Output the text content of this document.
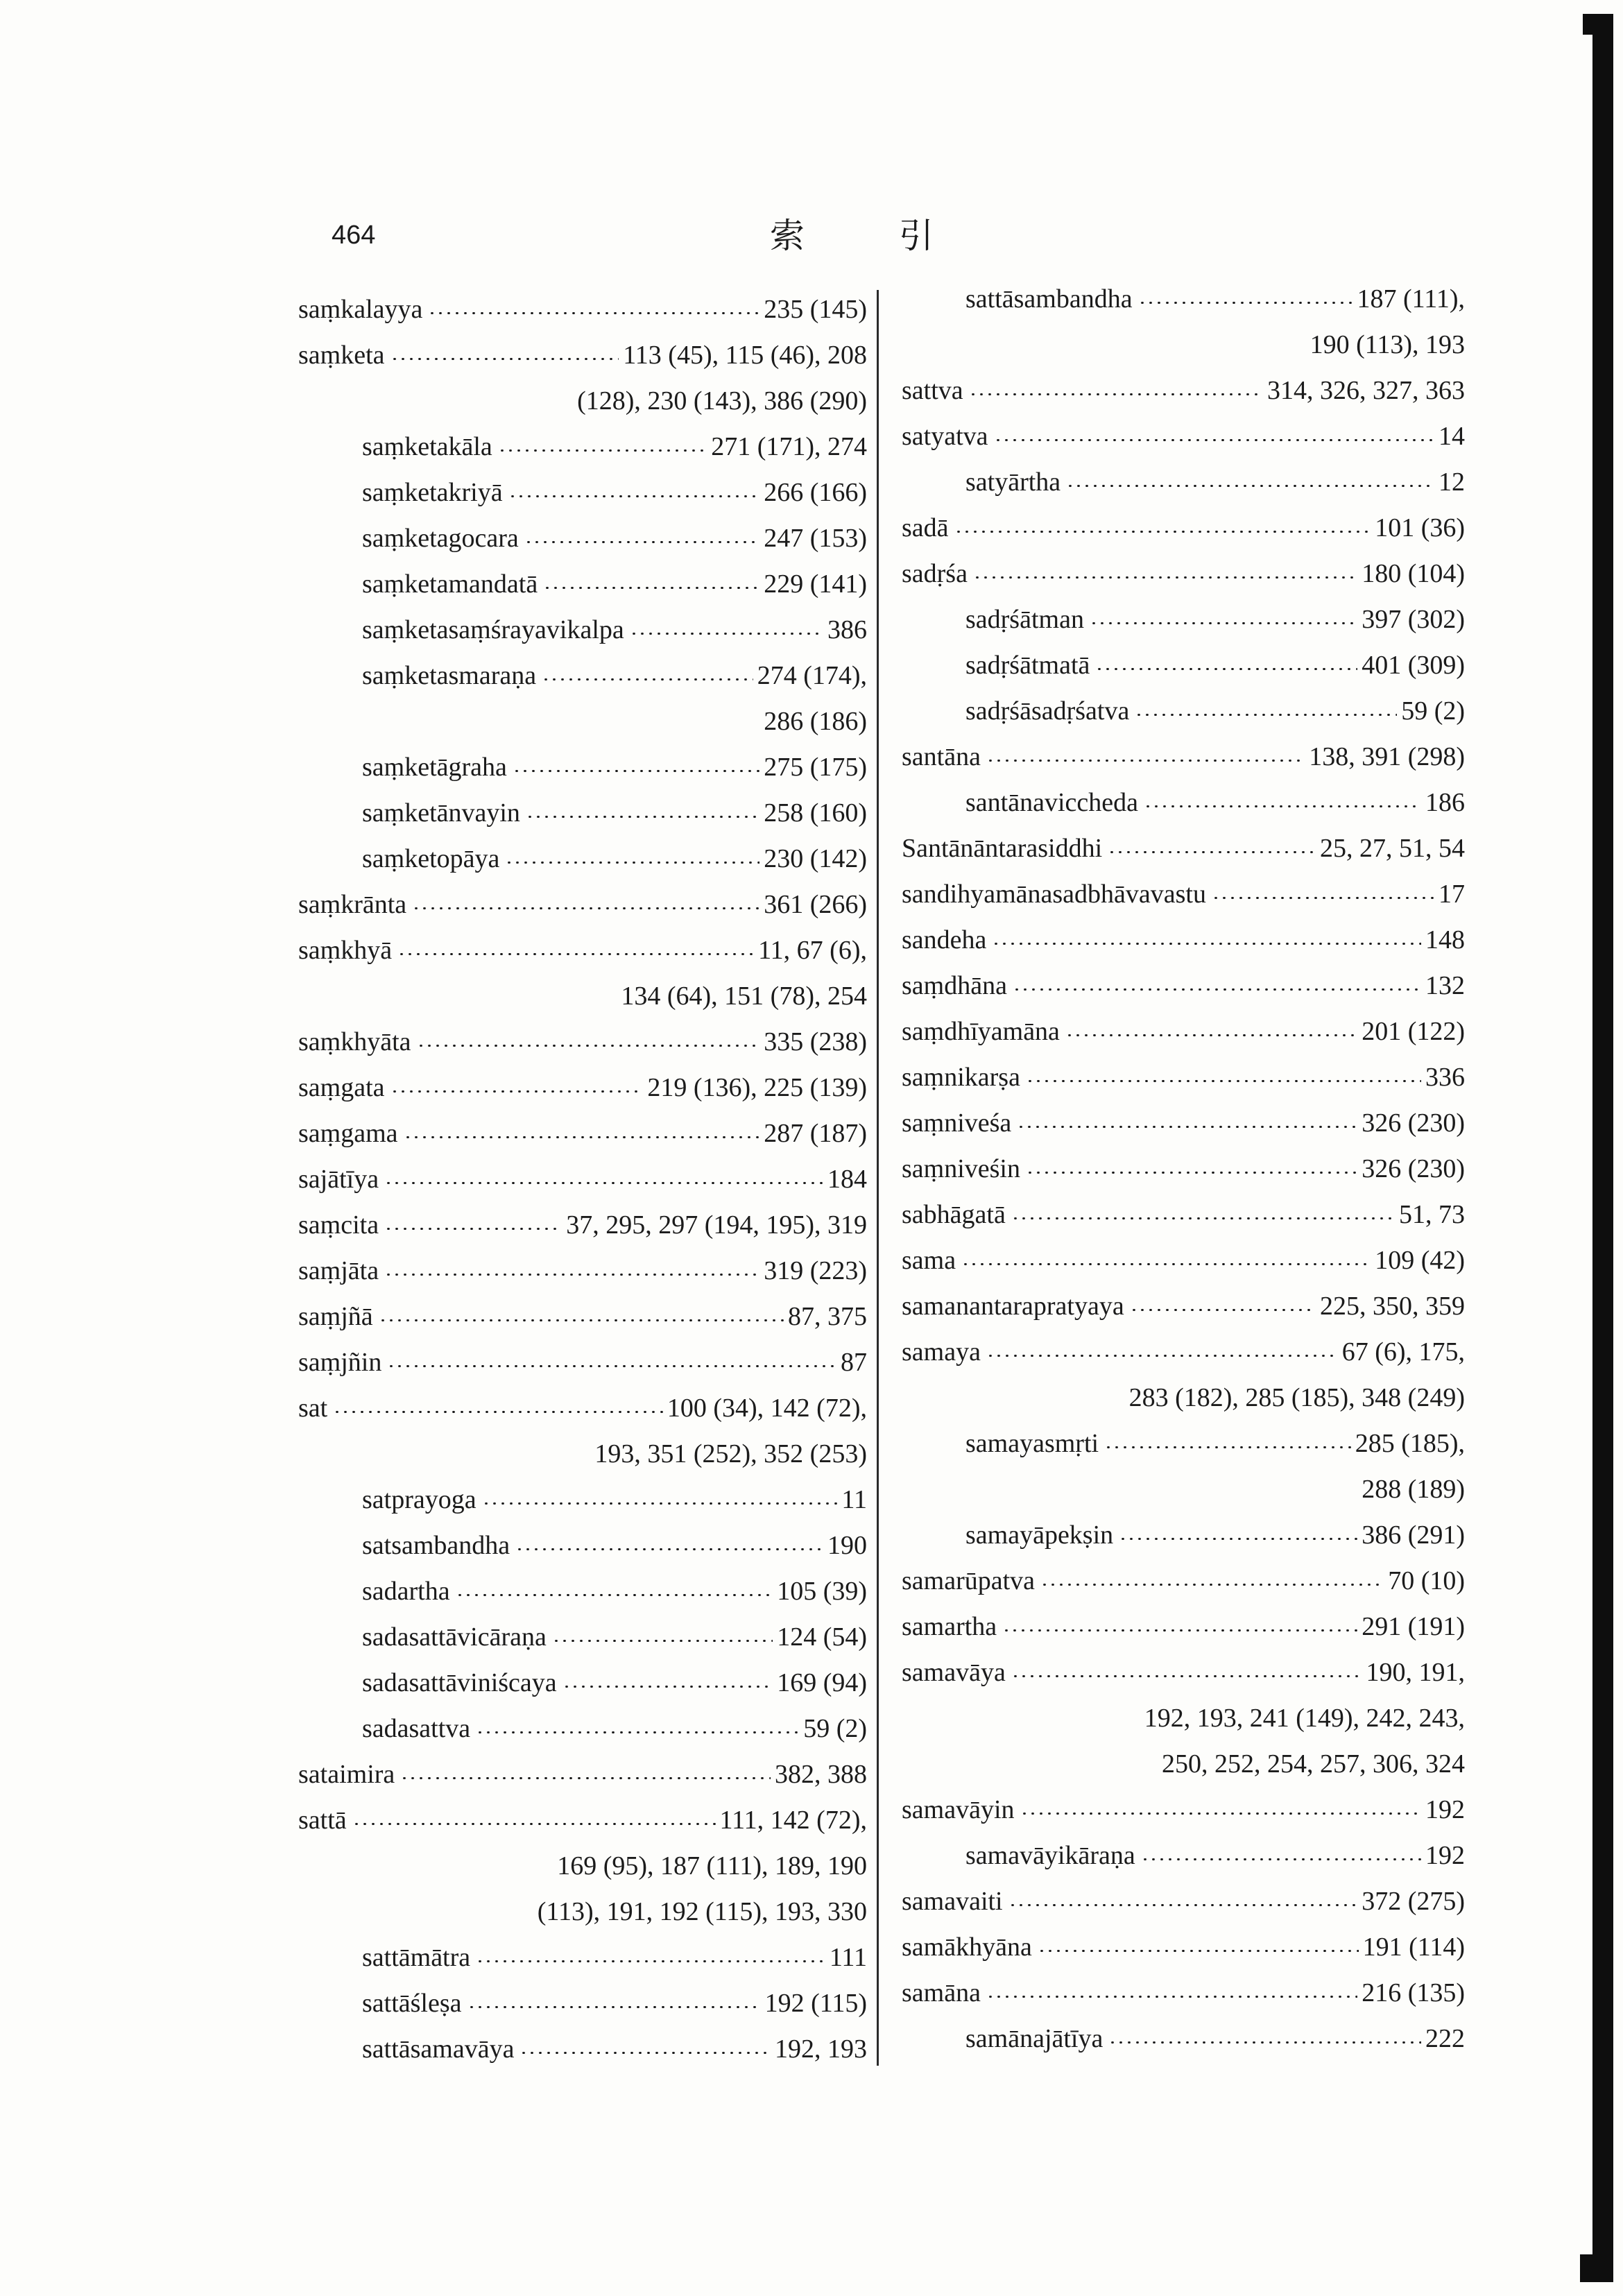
464	索 引
saṃkalayya	235 (145)
saṃketa	113 (45), 115 (46), 208
(128), 230 (143), 386 (290)
saṃketakāla	271 (171), 274
saṃketakriyā	266 (166)
saṃketagocara	247 (153)
saṃketamandatā	229 (141)
saṃketasaṃśrayavikalpa	386
saṃketasmaraṇa	274 (174),
286 (186)
saṃketāgraha	275 (175)
saṃketānvayin	258 (160)
saṃketopāya	230 (142)
saṃkrānta	361 (266)
saṃkhyā	11, 67 (6),
134 (64), 151 (78), 254
saṃkhyāta	335 (238)
saṃgata	219 (136), 225 (139)
saṃgama	287 (187)
sajātīya	184
saṃcita	37, 295, 297 (194, 195), 319
saṃjāta	319 (223)
saṃjñā	87, 375
saṃjñin	87
sat	100 (34), 142 (72),
193, 351 (252), 352 (253)
satprayoga	11
satsambandha	190
sadartha	105 (39)
sadasattāvicāraṇa	124 (54)
sadasattāviniścaya	169 (94)
sadasattva	59 (2)
sataimira	382, 388
sattā	111, 142 (72),
169 (95), 187 (111), 189, 190
(113), 191, 192 (115), 193, 330
sattāmātra	111
sattāśleṣa	192 (115)
sattāsamavāya	192, 193
sattāsambandha	187 (111),
190 (113), 193
sattva	314, 326, 327, 363
satyatva	14
satyārtha	12
sadā	101 (36)
sadṛśa	180 (104)
sadṛśātman	397 (302)
sadṛśātmatā	401 (309)
sadṛśāsadṛśatva	59 (2)
santāna	138, 391 (298)
santānaviccheda	186
Santānāntarasiddhi	25, 27, 51, 54
sandihyamānasadbhāvavastu	17
sandeha	148
saṃdhāna	132
saṃdhīyamāna	201 (122)
saṃnikarṣa	336
saṃniveśa	326 (230)
saṃniveśin	326 (230)
sabhāgatā	51, 73
sama	109 (42)
samanantarapratyaya	225, 350, 359
samaya	67 (6), 175,
283 (182), 285 (185), 348 (249)
samayasmṛti	285 (185),
288 (189)
samayāpekṣin	386 (291)
samarūpatva	70 (10)
samartha	291 (191)
samavāya	190, 191,
192, 193, 241 (149), 242, 243,
250, 252, 254, 257, 306, 324
samavāyin	192
samavāyikāraṇa	192
samavaiti	372 (275)
samākhyāna	191 (114)
samāna	216 (135)
samānajātīya	222
